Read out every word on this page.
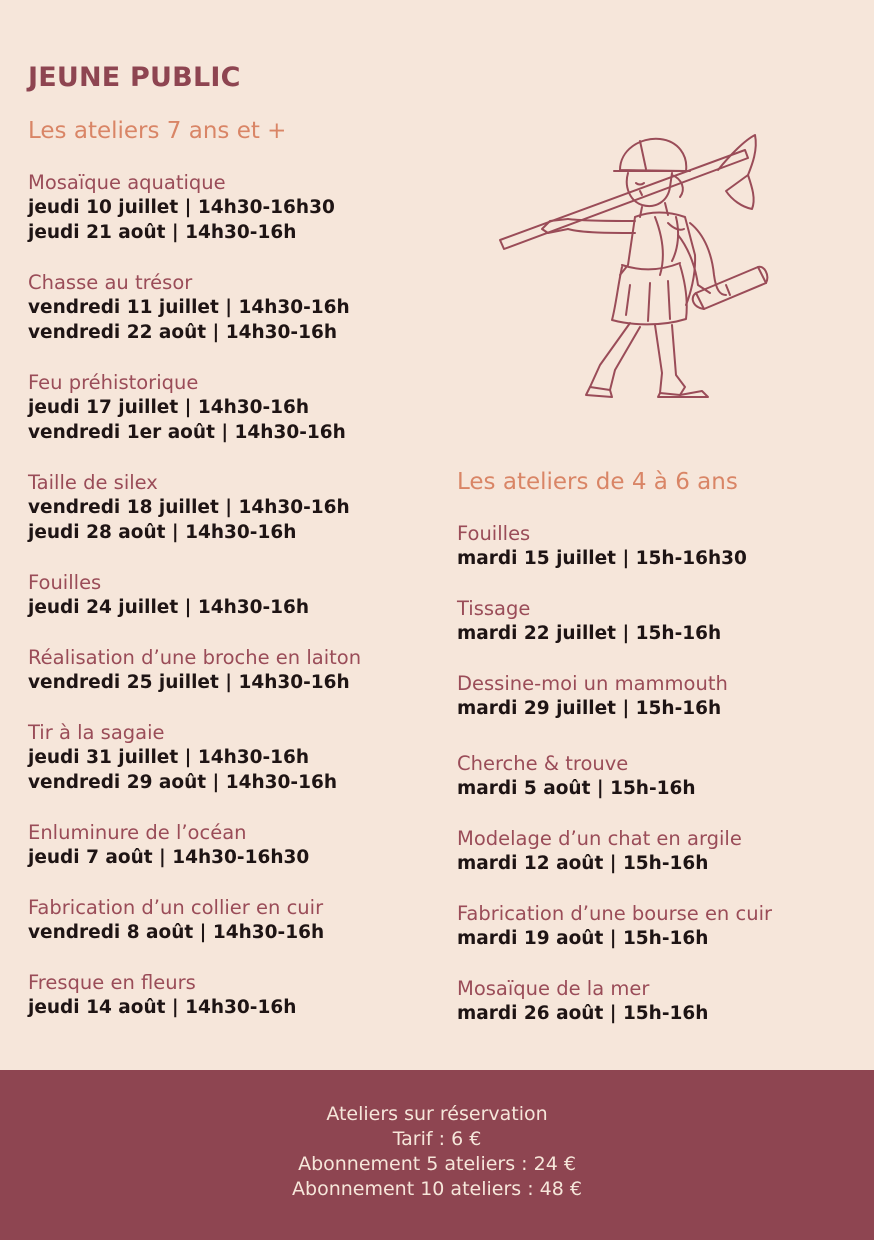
JEUNE PUBLIC
Les ateliers 7 ans et +
Mosaïque aquatique
jeudi 10 juillet | 14h30-16h30
jeudi 21 août | 14h30-16h
Chasse au trésor
vendredi 11 juillet | 14h30-16h
vendredi 22 août | 14h30-16h
Feu préhistorique
jeudi 17 juillet | 14h30-16h
vendredi 1er août | 14h30-16h
Taille de silex
vendredi 18 juillet | 14h30-16h
jeudi 28 août | 14h30-16h
Fouilles
jeudi 24 juillet | 14h30-16h
Réalisation d’une broche en laiton
vendredi 25 juillet | 14h30-16h
Tir à la sagaie
jeudi 31 juillet | 14h30-16h
vendredi 29 août | 14h30-16h
Enluminure de l’océan
jeudi 7 août | 14h30-16h30
Fabrication d’un collier en cuir
vendredi 8 août | 14h30-16h
Fresque en fleurs
jeudi 14 août | 14h30-16h
Les ateliers de 4 à 6 ans
Fouilles
mardi 15 juillet | 15h-16h30
Tissage
mardi 22 juillet | 15h-16h
Dessine-moi un mammouth
mardi 29 juillet | 15h-16h
Cherche & trouve
mardi 5 août | 15h-16h
Modelage d’un chat en argile
mardi 12 août | 15h-16h
Fabrication d’une bourse en cuir
mardi 19 août | 15h-16h
Mosaïque de la mer
mardi 26 août | 15h-16h
Ateliers sur réservation
Tarif : 6 €
Abonnement 5 ateliers : 24 €
Abonnement 10 ateliers : 48 €
